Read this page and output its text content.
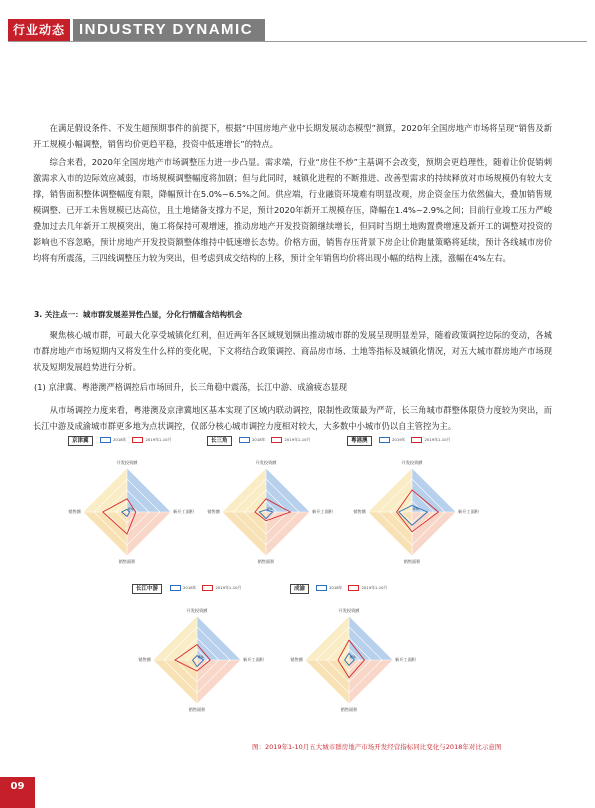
行业动态 INDUSTRY DYNAMIC

在满足假设条件、不发生超预期事件的前提下，根据“中国房地产业中长期发展动态模型”测算，2020年全国房地产市场将呈现“销售及新开工规模小幅调整，销售均价更趋平稳，投资中低速增长”的特点。

综合来看，2020年全国房地产市场调整压力进一步凸显。需求端，行业“房住不炒”主基调不会改变，预期会更趋理性，随着让价促销刺激需求入市的边际效应减弱，市场规模调整幅度将加剧；但与此同时，城镇化进程的不断推进、改善型需求的持续释放对市场规模仍有较大支撑，销售面积整体调整幅度有限，降幅预计在5.0%~6.5%之间。供应端，行业融资环境难有明显改观，房企资金压力依然偏大，叠加销售规模调整、已开工未售规模已达高位，且土地储备支撑力不足，预计2020年新开工规模存压，降幅在1.4%~2.9%之间；目前行业竣工压力严峻叠加过去几年新开工规模突出，施工将保持可观增速，推动房地产开发投资额继续增长，但同时当期土地购置费增速及新开工的调整对投资的影响也不容忽略，预计房地产开发投资额整体维持中低速增长态势。价格方面，销售存压背景下房企让价跑量策略将延续，预计各线城市房价均将有所震荡，三四线调整压力较为突出，但考虑到成交结构的上移，预计全年销售均价将出现小幅的结构上涨，涨幅在4%左右。

3. 关注点一：城市群发展差异性凸显，分化行情蕴含结构机会

聚焦核心城市群，可最大化享受城镇化红利，但近两年各区域规划频出推动城市群的发展呈现明显差异，随着政策调控边际的变动，各城市群房地产市场短期内又将发生什么样的变化呢，下文将结合政策调控、商品房市场、土地等指标及城镇化情况，对五大城市群房地产市场现状及短期发展趋势进行分析。

(1) 京津冀、粤港澳严格调控后市场回升，长三角稳中震荡，长江中游、成渝疲态显现

从市场调控力度来看，粤港澳及京津冀地区基本实现了区域内联动调控，限制性政策最为严苛，长三角城市群整体限贷力度较为突出，而长江中游及成渝城市群更多地为点状调控，仅部分核心城市调控力度相对较大，大多数中小城市仍以自主管控为主。

0%
京津冀	2018年	2019年1-10月
开发投资额
新开工面积
销售面积
销售额	0%
长三角	2018年	2019年1-10月
开发投资额
新开工面积
销售面积
销售额	0%
粤港澳	2019年	2019年1-10月
开发投资额
新开工面积
销售面积
销售额
0%
长江中游	2018年	2019年1-10月
开发投资额
新开工面积
销售面积
销售额	0%
成渝	2018年	2019年1-10月
开发投资额
新开工面积
销售面积
销售额
图：2019年1-10月五大城市群房地产市场开发经营指标同比变化与2018年对比示意图
09
